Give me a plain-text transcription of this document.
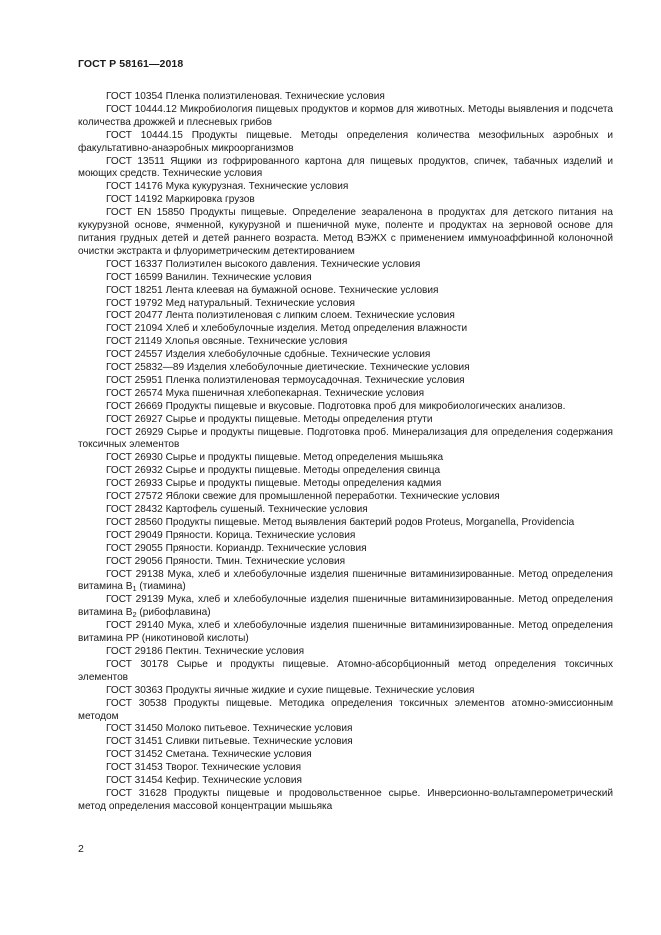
ГОСТ Р 58161—2018

ГОСТ 10354 Пленка полиэтиленовая. Технические условия

ГОСТ 10444.12 Микробиология пищевых продуктов и кормов для животных. Методы выявления и подсчета количества дрожжей и плесневых грибов

ГОСТ 10444.15 Продукты пищевые. Методы определения количества мезофильных аэробных и факультативно-анаэробных микроорганизмов

ГОСТ 13511 Ящики из гофрированного картона для пищевых продуктов, спичек, табачных изделий и моющих средств. Технические условия

ГОСТ 14176 Мука кукурузная. Технические условия

ГОСТ 14192 Маркировка грузов

ГОСТ EN 15850 Продукты пищевые. Определение зеараленона в продуктах для детского питания на кукурузной основе, ячменной, кукурузной и пшеничной муке, поленте и продуктах на зерновой основе для питания грудных детей и детей раннего возраста. Метод ВЭЖХ с применением иммуноаффинной колоночной очистки экстракта и флуориметрическим детектированием

ГОСТ 16337 Полиэтилен высокого давления. Технические условия

ГОСТ 16599 Ванилин. Технические условия

ГОСТ 18251 Лента клеевая на бумажной основе. Технические условия

ГОСТ 19792 Мед натуральный. Технические условия

ГОСТ 20477 Лента полиэтиленовая с липким слоем. Технические условия

ГОСТ 21094 Хлеб и хлебобулочные изделия. Метод определения влажности

ГОСТ 21149 Хлопья овсяные. Технические условия

ГОСТ 24557 Изделия хлебобулочные сдобные. Технические условия

ГОСТ 25832—89 Изделия хлебобулочные диетические. Технические условия

ГОСТ 25951 Пленка полиэтиленовая термоусадочная. Технические условия

ГОСТ 26574 Мука пшеничная хлебопекарная. Технические условия

ГОСТ 26669 Продукты пищевые и вкусовые. Подготовка проб для микробиологических анализов.

ГОСТ 26927 Сырье и продукты пищевые. Методы определения ртути

ГОСТ 26929 Сырье и продукты пищевые. Подготовка проб. Минерализация для определения содержания токсичных элементов

ГОСТ 26930 Сырье и продукты пищевые. Метод определения мышьяка

ГОСТ 26932 Сырье и продукты пищевые. Методы определения свинца

ГОСТ 26933 Сырье и продукты пищевые. Методы определения кадмия

ГОСТ 27572 Яблоки свежие для промышленной переработки. Технические условия

ГОСТ 28432 Картофель сушеный. Технические условия

ГОСТ 28560 Продукты пищевые. Метод выявления бактерий родов Proteus, Morganella, Providencia

ГОСТ 29049 Пряности. Корица. Технические условия

ГОСТ 29055 Пряности. Кориандр. Технические условия

ГОСТ 29056 Пряности. Тмин. Технические условия

ГОСТ 29138 Мука, хлеб и хлебобулочные изделия пшеничные витаминизированные. Метод определения витамина $B_1$ (тиамина)

ГОСТ 29139 Мука, хлеб и хлебобулочные изделия пшеничные витаминизированные. Метод определения витамина $B_2$ (рибофлавина)

ГОСТ 29140 Мука, хлеб и хлебобулочные изделия пшеничные витаминизированные. Метод определения витамина PP (никотиновой кислоты)

ГОСТ 29186 Пектин. Технические условия

ГОСТ 30178 Сырье и продукты пищевые. Атомно-абсорбционный метод определения токсичных элементов

ГОСТ 30363 Продукты яичные жидкие и сухие пищевые. Технические условия

ГОСТ 30538 Продукты пищевые. Методика определения токсичных элементов атомно-эмиссионным методом

ГОСТ 31450 Молоко питьевое. Технические условия

ГОСТ 31451 Сливки питьевые. Технические условия

ГОСТ 31452 Сметана. Технические условия

ГОСТ 31453 Творог. Технические условия

ГОСТ 31454 Кефир. Технические условия

ГОСТ 31628 Продукты пищевые и продовольственное сырье. Инверсионно-вольтамперометрический метод определения массовой концентрации мышьяка

2
